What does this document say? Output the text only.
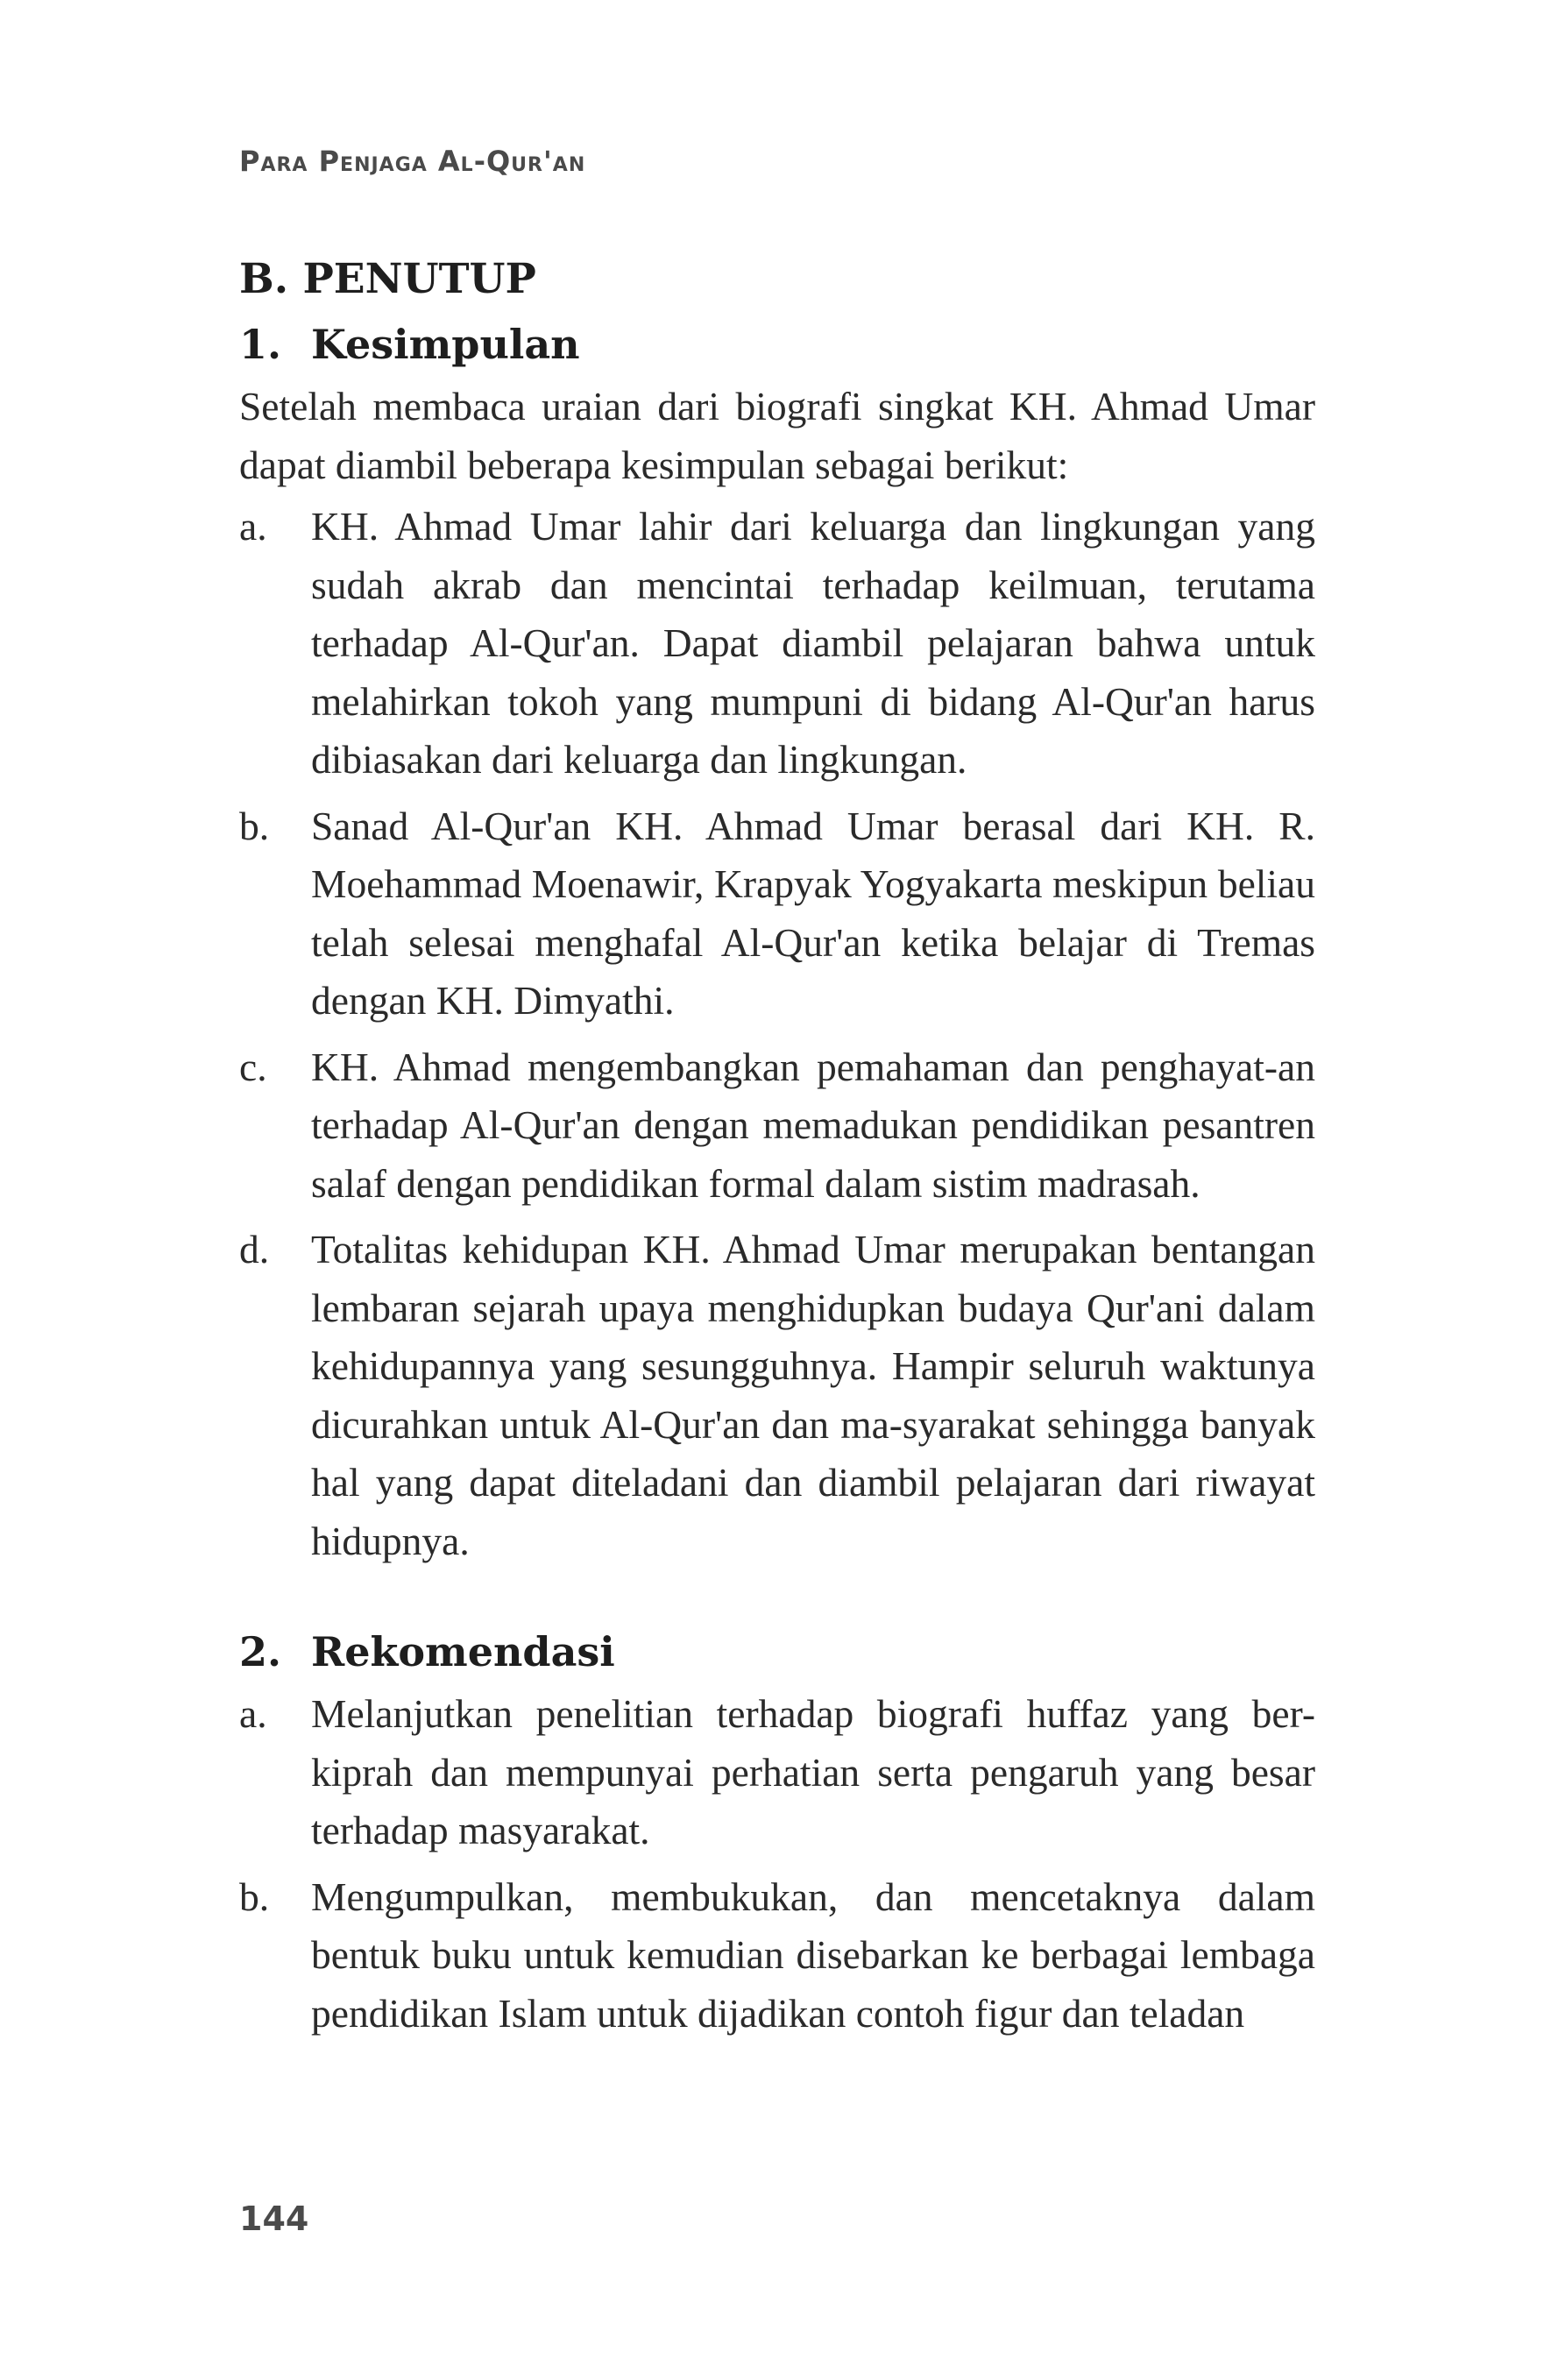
Para Penjaga Al-Qur'an
B. PENUTUP
1. Kesimpulan

Setelah membaca uraian dari biografi singkat KH. Ahmad Umar dapat diambil beberapa kesimpulan sebagai berikut:

a.	KH. Ahmad Umar lahir dari keluarga dan lingkungan yang sudah akrab dan mencintai terhadap keilmuan, terutama terhadap Al-Qur'an. Dapat diambil pelajaran bahwa untuk melahirkan tokoh yang mumpuni di bidang Al-Qur'an harus dibiasakan dari keluarga dan lingkungan.
b.	Sanad Al-Qur'an KH. Ahmad Umar berasal dari KH. R. Moehammad Moenawir, Krapyak Yogyakarta meskipun beliau telah selesai menghafal Al-Qur'an ketika belajar di Tremas dengan KH. Dimyathi.
c.	KH. Ahmad mengembangkan pemahaman dan penghayat-an terhadap Al-Qur'an dengan memadukan pendidikan pesantren salaf dengan pendidikan formal dalam sistim madrasah.
d.	Totalitas kehidupan KH. Ahmad Umar merupakan bentangan lembaran sejarah upaya menghidupkan budaya Qur'ani dalam kehidupannya yang sesungguhnya. Hampir seluruh waktunya dicurahkan untuk Al-Qur'an dan ma-syarakat sehingga banyak hal yang dapat diteladani dan diambil pelajaran dari riwayat hidupnya.
2. Rekomendasi
a.	Melanjutkan penelitian terhadap biografi huffaz yang ber-kiprah dan mempunyai perhatian serta pengaruh yang besar terhadap masyarakat.
b.	Mengumpulkan, membukukan, dan mencetaknya dalam bentuk buku untuk kemudian disebarkan ke berbagai lembaga pendidikan Islam untuk dijadikan contoh figur dan teladan
144
